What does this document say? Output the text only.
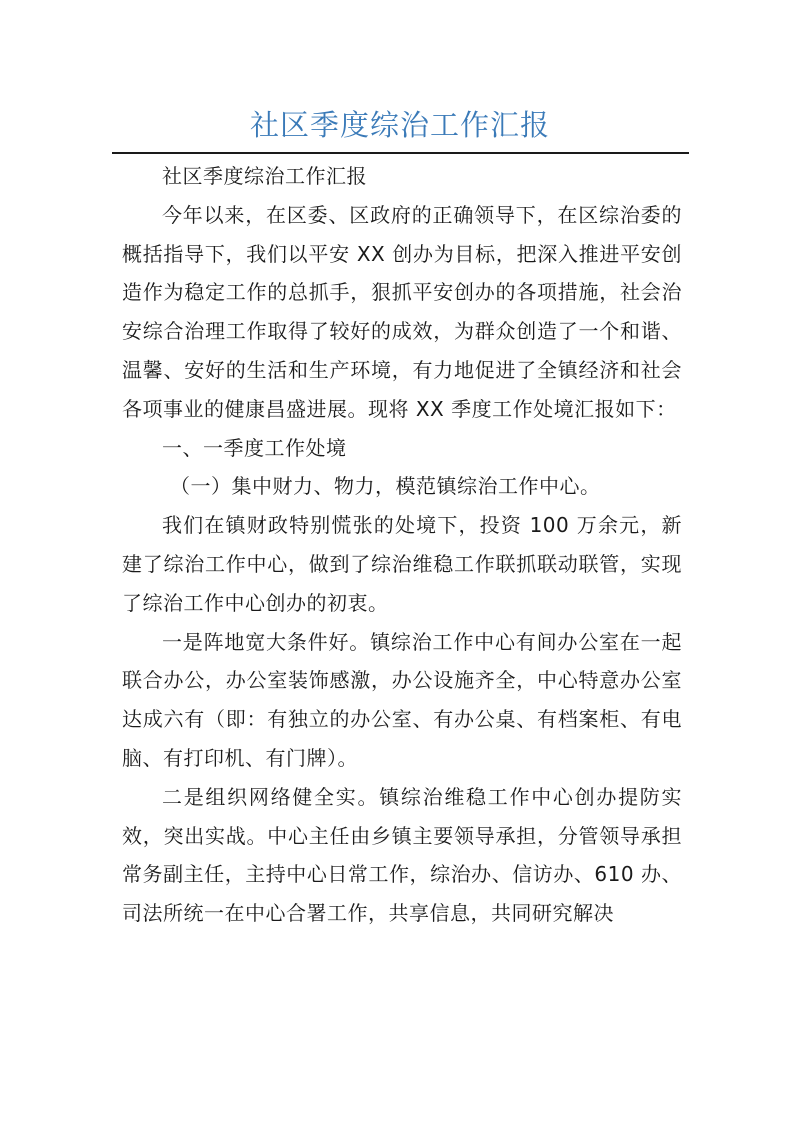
社区季度综治工作汇报

社区季度综治工作汇报

今年以来，在区委、区政府的正确领导下，在区综治委的概括指导下，我们以平安 XX 创办为目标，把深入推进平安创造作为稳定工作的总抓手，狠抓平安创办的各项措施，社会治安综合治理工作取得了较好的成效，为群众创造了一个和谐、温馨、安好的生活和生产环境，有力地促进了全镇经济和社会各项事业的健康昌盛进展。现将 XX 季度工作处境汇报如下：

一、一季度工作处境

（一）集中财力、物力，模范镇综治工作中心。

我们在镇财政特别慌张的处境下，投资 100 万余元，新建了综治工作中心，做到了综治维稳工作联抓联动联管，实现了综治工作中心创办的初衷。

一是阵地宽大条件好。镇综治工作中心有间办公室在一起联合办公，办公室装饰感激，办公设施齐全，中心特意办公室达成六有（即：有独立的办公室、有办公桌、有档案柜、有电脑、有打印机、有门牌）。

二是组织网络健全实。镇综治维稳工作中心创办提防实效，突出实战。中心主任由乡镇主要领导承担，分管领导承担常务副主任，主持中心日常工作，综治办、信访办、610 办、司法所统一在中心合署工作，共享信息，共同研究解决
